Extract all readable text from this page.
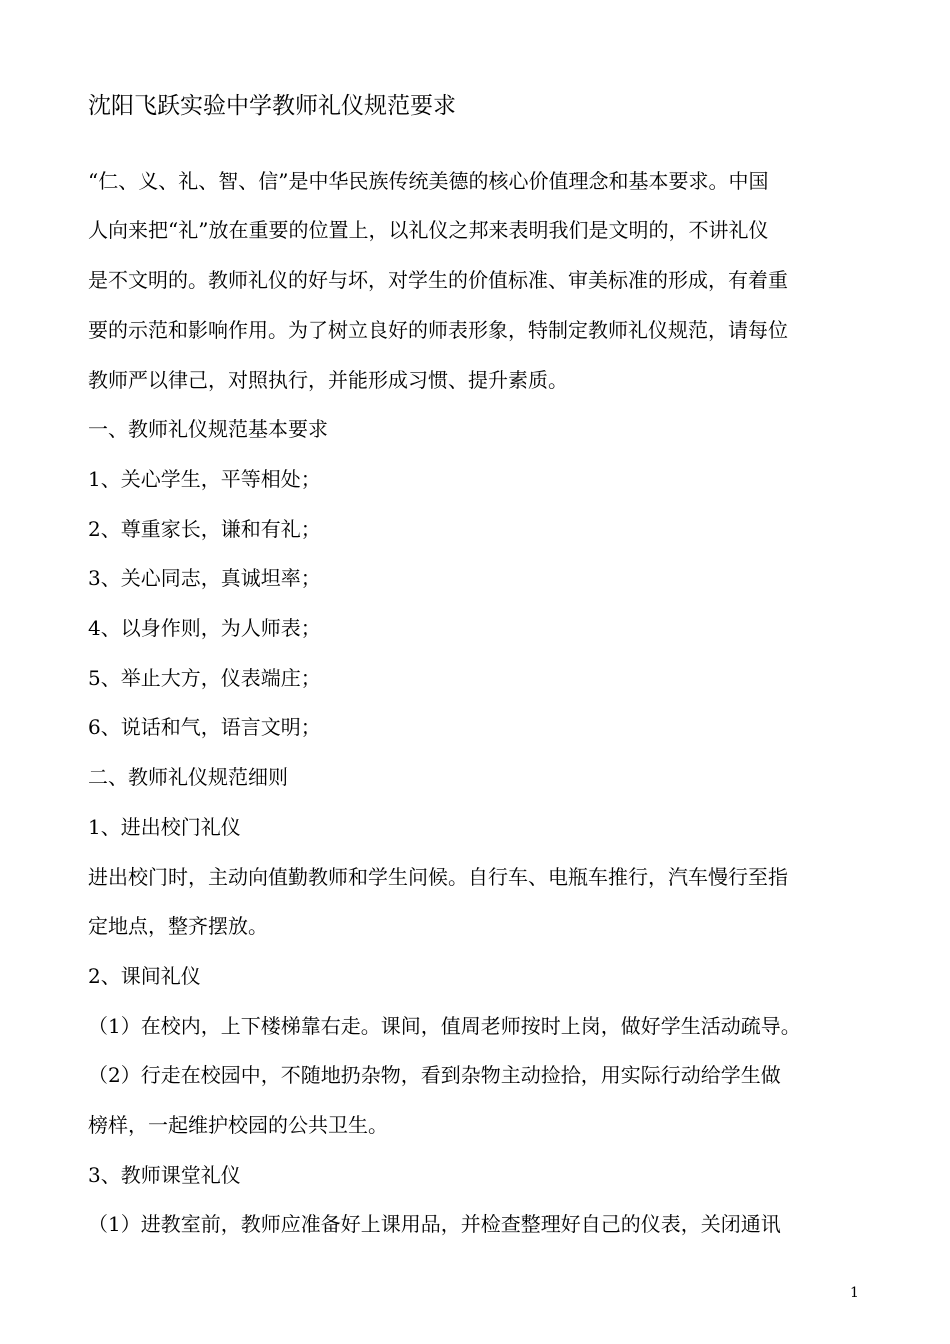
沈阳飞跃实验中学教师礼仪规范要求
“仁、义、礼、智、信”是中华民族传统美德的核心价值理念和基本要求。中国
人向来把“礼”放在重要的位置上，以礼仪之邦来表明我们是文明的，不讲礼仪
是不文明的。教师礼仪的好与坏，对学生的价值标准、审美标准的形成，有着重
要的示范和影响作用。为了树立良好的师表形象，特制定教师礼仪规范，请每位
教师严以律己，对照执行，并能形成习惯、提升素质。
一、教师礼仪规范基本要求
1、关心学生，平等相处；
2、尊重家长，谦和有礼；
3、关心同志，真诚坦率；
4、以身作则，为人师表；
5、举止大方，仪表端庄；
6、说话和气，语言文明；
二、教师礼仪规范细则
1、进出校门礼仪
进出校门时，主动向值勤教师和学生问候。自行车、电瓶车推行，汽车慢行至指
定地点，整齐摆放。
2、课间礼仪
（1）在校内，上下楼梯靠右走。课间，值周老师按时上岗，做好学生活动疏导。
（2）行走在校园中，不随地扔杂物，看到杂物主动捡拾，用实际行动给学生做
榜样，一起维护校园的公共卫生。
3、教师课堂礼仪
（1）进教室前，教师应准备好上课用品，并检查整理好自己的仪表，关闭通讯
1
